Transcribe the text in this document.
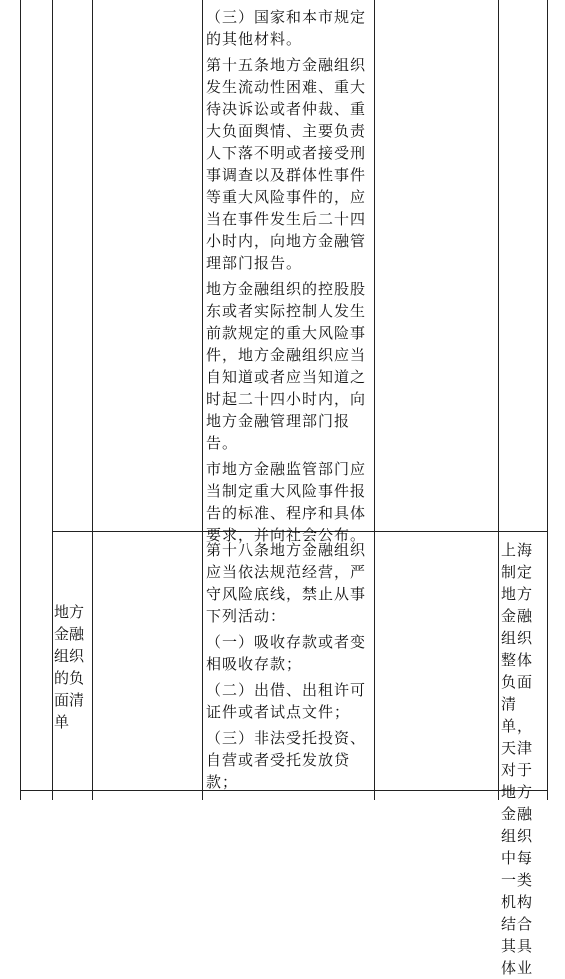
（三）国家和本市规定的其他材料。

第十五条地方金融组织发生流动性困难、重大待决诉讼或者仲裁、重大负面舆情、主要负责人下落不明或者接受刑事调查以及群体性事件等重大风险事件的，应当在事件发生后二十四小时内，向地方金融管理部门报告。

地方金融组织的控股股东或者实际控制人发生前款规定的重大风险事件，地方金融组织应当自知道或者应当知道之时起二十四小时内，向地方金融管理部门报告。

市地方金融监管部门应当制定重大风险事件报告的标准、程序和具体要求，并向社会公布。

地方金融组织的负面清单

第十八条地方金融组织应当依法规范经营，严守风险底线，禁止从事下列活动：

（一）吸收存款或者变相吸收存款；

（二）出借、出租许可证件或者试点文件；

（三）非法受托投资、自营或者受托发放贷款；

上海制定地方金融组织整体负面清单，天津对于地方金融组织中每一类机构结合其具体业
